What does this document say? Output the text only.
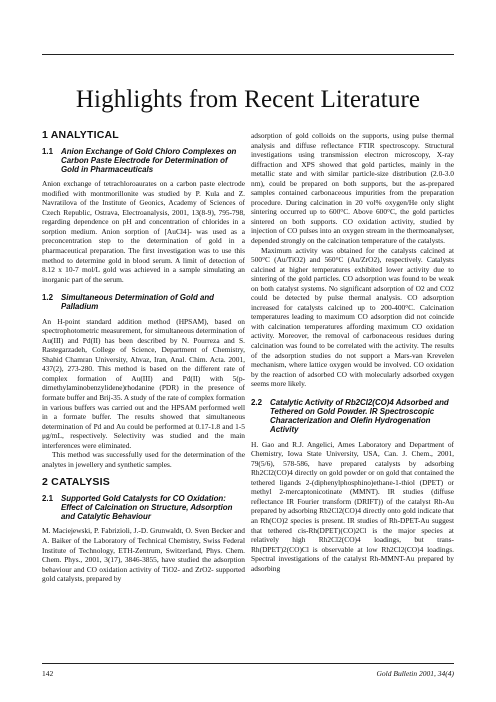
Highlights from Recent Literature
1 ANALYTICAL
1.1	Anion Exchange of Gold Chloro Complexes on Carbon Paste Electrode for Determination of Gold in Pharmaceuticals

Anion exchange of tetrachloroaurates on a carbon paste electrode modified with montmorillonite was studied by P. Kula and Z. Navratilova of the Institute of Geonics, Academy of Sciences of Czech Republic, Ostrava, Electroanalysis, 2001, 13(8-9), 795-798, regarding dependence on pH and concentration of chlorides in a sorption medium. Anion sorption of [AuCl4]- was used as a preconcentration step to the determination of gold in a pharmaceutical preparation. The first investigation was to use this method to determine gold in blood serum. A limit of detection of 8.12 x 10-7 mol/L gold was achieved in a sample simulating an inorganic part of the serum.

1.2	Simultaneous Determination of Gold and Palladium

An H-point standard addition method (HPSAM), based on spectrophotometric measurement, for simultaneous determination of Au(III) and Pd(II) has been described by N. Pourreza and S. Rastegarzadeh, College of Science, Department of Chemistry, Shahid Chamran University, Ahvaz, Iran, Anal. Chim. Acta. 2001, 437(2), 273-280. This method is based on the different rate of complex formation of Au(III) and Pd(II) with 5(p-dimethylaminobenzylidene)rhodanine (PDR) in the presence of formate buffer and Brij-35. A study of the rate of complex formation in various buffers was carried out and the HPSAM performed well in a formate buffer. The results showed that simultaneous determination of Pd and Au could be performed at 0.17-1.8 and 1-5 μg/mL, respectively. Selectivity was studied and the main interferences were eliminated.

This method was successfully used for the determination of the analytes in jewellery and synthetic samples.

2 CATALYSIS
2.1	Supported Gold Catalysts for CO Oxidation: Effect of Calcination on Structure, Adsorption and Catalytic Behaviour

M. Maciejewski, P. Fabrizioli, J.-D. Grunwaldt, O. Sven Becker and A. Baiker of the Laboratory of Technical Chemistry, Swiss Federal Institute of Technology, ETH-Zentrum, Switzerland, Phys. Chem. Chem. Phys., 2001, 3(17), 3846-3855, have studied the adsorption behaviour and CO oxidation activity of TiO2- and ZrO2- supported gold catalysts, prepared by

adsorption of gold colloids on the supports, using pulse thermal analysis and diffuse reflectance FTIR spectroscopy. Structural investigations using transmission electron microscopy, X-ray diffraction and XPS showed that gold particles, mainly in the metallic state and with similar particle-size distribution (2.0-3.0 nm), could be prepared on both supports, but the as-prepared samples contained carbonaceous impurities from the preparation procedure. During calcination in 20 vol% oxygen/He only slight sintering occurred up to 600°C. Above 600°C, the gold particles sintered on both supports. CO oxidation activity, studied by injection of CO pulses into an oxygen stream in the thermoanalyser, depended strongly on the calcination temperature of the catalysts.

Maximum activity was obtained for the catalysts calcined at 500°C (Au/TiO2) and 560°C (Au/ZrO2), respectively. Catalysts calcined at higher temperatures exhibited lower activity due to sintering of the gold particles. CO adsorption was found to be weak on both catalyst systems. No significant adsorption of O2 and CO2 could be detected by pulse thermal analysis. CO adsorption increased for catalysts calcined up to 200-400°C. Calcination temperatures leading to maximum CO adsorption did not coincide with calcination temperatures affording maximum CO oxidation activity. Moreover, the removal of carbonaceous residues during calcination was found to be correlated with the activity. The results of the adsorption studies do not support a Mars-van Krevelen mechanism, where lattice oxygen would be involved. CO oxidation by the reaction of adsorbed CO with molecularly adsorbed oxygen seems more likely.

2.2	Catalytic Activity of Rb2Cl2(CO)4 Adsorbed and Tethered on Gold Powder. IR Spectroscopic Characterization and Olefin Hydrogenation Activity

H. Gao and R.J. Angelici, Ames Laboratory and Department of Chemistry, Iowa State University, USA, Can. J. Chem., 2001, 79(5/6), 578-586, have prepared catalysts by adsorbing Rh2Cl2(CO)4 directly on gold powder or on gold that contained the tethered ligands 2-(diphenylphosphino)ethane-1-thiol (DPET) or methyl 2-mercaptonicotinate (MMNT). IR studies (diffuse reflectance IR Fourier transform (DRIFT)) of the catalyst Rh-Au prepared by adsorbing Rb2Cl2(CO)4 directly onto gold indicate that an Rh(CO)2 species is present. IR studies of Rh-DPET-Au suggest that tethered cis-Rh(DPET)(CO)2Cl is the major species at relatively high Rh2Cl2(CO)4 loadings, but trans-Rh(DPET)2(CO)Cl is observable at low Rh2Cl2(CO)4 loadings. Spectral investigations of the catalyst Rh-MMNT-Au prepared by adsorbing

142	Gold Bulletin 2001, 34(4)
